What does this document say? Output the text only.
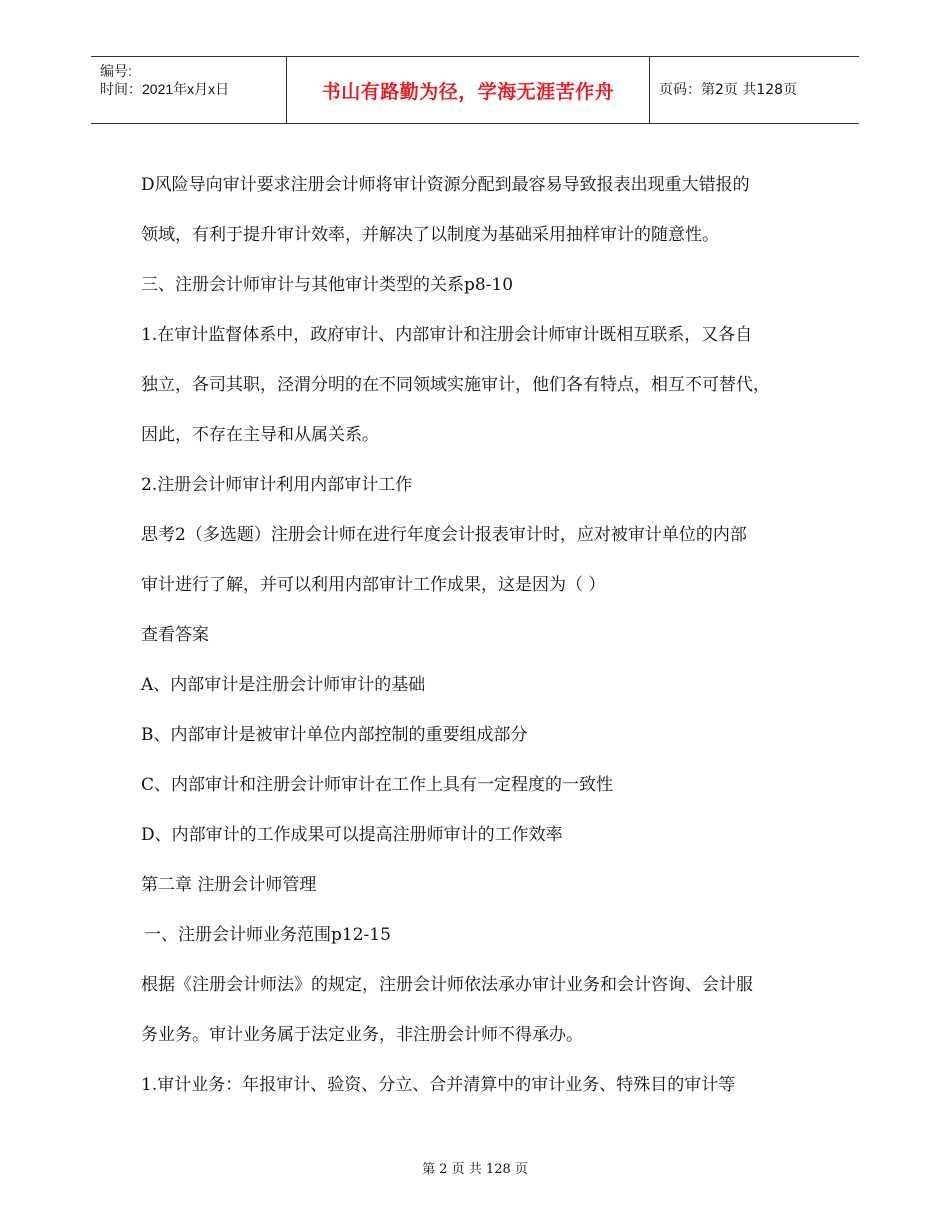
编号:
时间：2021年x月x日	书山有路勤为径，学海无涯苦作舟	页码：第2页 共128页

D风险导向审计要求注册会计师将审计资源分配到最容易导致报表出现重大错报的

领域，有利于提升审计效率，并解决了以制度为基础采用抽样审计的随意性。

三、注册会计师审计与其他审计类型的关系p8-10

1.在审计监督体系中，政府审计、内部审计和注册会计师审计既相互联系，又各自

独立，各司其职，泾渭分明的在不同领域实施审计，他们各有特点，相互不可替代，

因此，不存在主导和从属关系。

2.注册会计师审计利用内部审计工作

思考2（多选题）注册会计师在进行年度会计报表审计时，应对被审计单位的内部

审计进行了解，并可以利用内部审计工作成果，这是因为（ ）

查看答案

A、内部审计是注册会计师审计的基础

B、内部审计是被审计单位内部控制的重要组成部分

C、内部审计和注册会计师审计在工作上具有一定程度的一致性

D、内部审计的工作成果可以提高注册师审计的工作效率

第二章 注册会计师管理

一、注册会计师业务范围p12-15

根据《注册会计师法》的规定，注册会计师依法承办审计业务和会计咨询、会计服

务业务。审计业务属于法定业务，非注册会计师不得承办。

1.审计业务：年报审计、验资、分立、合并清算中的审计业务、特殊目的审计等

第 2 页 共 128 页
